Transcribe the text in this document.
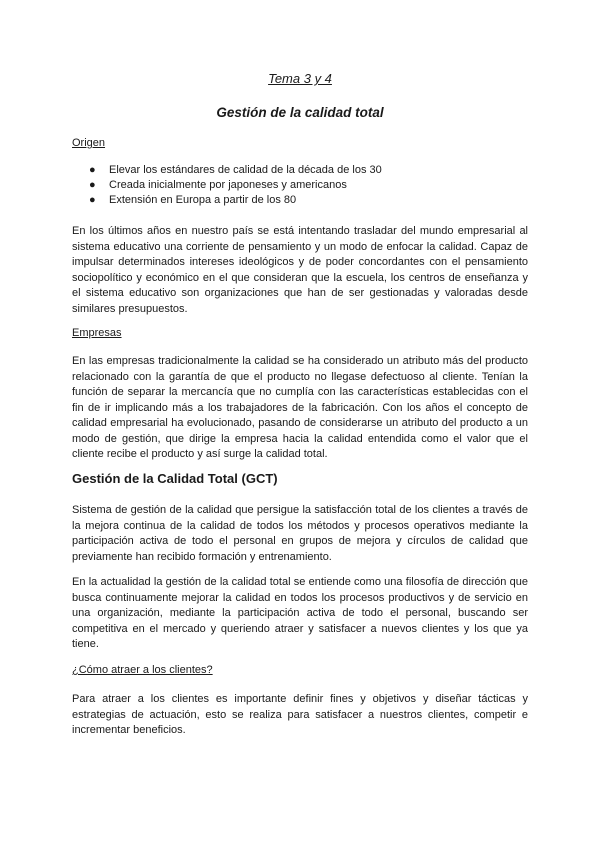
Tema 3 y 4

Gestión de la calidad total

Origen

● Elevar los estándares de calidad de la década de los 30
● Creada inicialmente por japoneses y americanos
● Extensión en Europa a partir de los 80

En los últimos años en nuestro país se está intentando trasladar del mundo empresarial al sistema educativo una corriente de pensamiento y un modo de enfocar la calidad. Capaz de impulsar determinados intereses ideológicos y de poder concordantes con el pensamiento sociopolítico y económico en el que consideran que la escuela, los centros de enseñanza y el sistema educativo son organizaciones que han de ser gestionadas y valoradas desde similares presupuestos.

Empresas

En las empresas tradicionalmente la calidad se ha considerado un atributo más del producto relacionado con la garantía de que el producto no llegase defectuoso al cliente. Tenían la función de separar la mercancía que no cumplía con las características establecidas con el fin de ir implicando más a los trabajadores de la fabricación. Con los años el concepto de calidad empresarial ha evolucionado, pasando de considerarse un atributo del producto a un modo de gestión, que dirige la empresa hacia la calidad entendida como el valor que el cliente recibe el producto y así surge la calidad total.

Gestión de la Calidad Total (GCT)

Sistema de gestión de la calidad que persigue la satisfacción total de los clientes a través de la mejora continua de la calidad de todos los métodos y procesos operativos mediante la participación activa de todo el personal en grupos de mejora y círculos de calidad que previamente han recibido formación y entrenamiento.

En la actualidad la gestión de la calidad total se entiende como una filosofía de dirección que busca continuamente mejorar la calidad en todos los procesos productivos y de servicio en una organización, mediante la participación activa de todo el personal, buscando ser competitiva en el mercado y queriendo atraer y satisfacer a nuevos clientes y los que ya tiene.

¿Cómo atraer a los clientes?

Para atraer a los clientes es importante definir fines y objetivos y diseñar tácticas y estrategias de actuación, esto se realiza para satisfacer a nuestros clientes, competir e incrementar beneficios.
